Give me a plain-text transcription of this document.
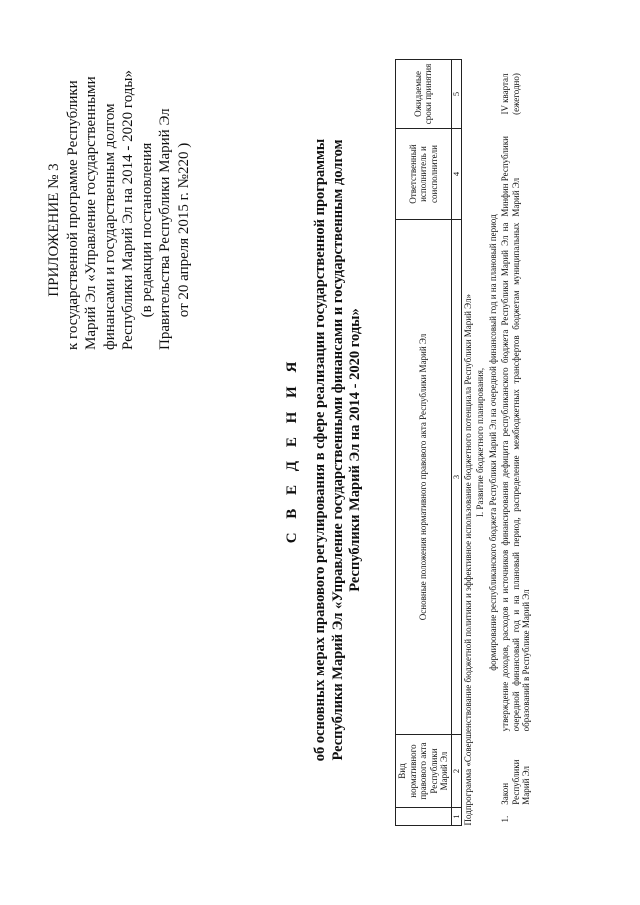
ПРИЛОЖЕНИЕ № 3 к государственной программе Республики Марий Эл «Управление государственными финансами и государственным долгом Республики Марий Эл на 2014 - 2020 годы» (в редакции постановления Правительства Республики Марий Эл от 20 апреля 2015 г. №220 )
С В Е Д Е Н И Я об основных мерах правового регулирования в сфере реализации государственной программы Республики Марий Эл «Управление государственными финансами и государственным долгом Республики Марий Эл на 2014 - 2020 годы»
	Вид нормативного правового акта Республики Марий Эл	Основные положения нормативного правового акта Республики Марий Эл	Ответственный исполнитель и соисполнители	Ожидаемые сроки принятия
1	2	3	4	5
Подпрограмма «Совершенствование бюджетной политики и эффективное использование бюджетного потенциала Республики Марий Эл»				
I. Развитие бюджетного планирования,				
формирование республиканского бюджета Республики Марий Эл на очередной финансовый год и на плановый период				
1.	Закон Республики Марий Эл	утверждение доходов, расходов и источников финансирования дефицита республиканского бюджета Республики Марий Эл на очередной финансовый год и на плановый период, распределение межбюджетных трансфертов бюджетам муниципальных образований в Республике Марий Эл	Минфин Республики Марий Эл	IV квартал (ежегодно)
